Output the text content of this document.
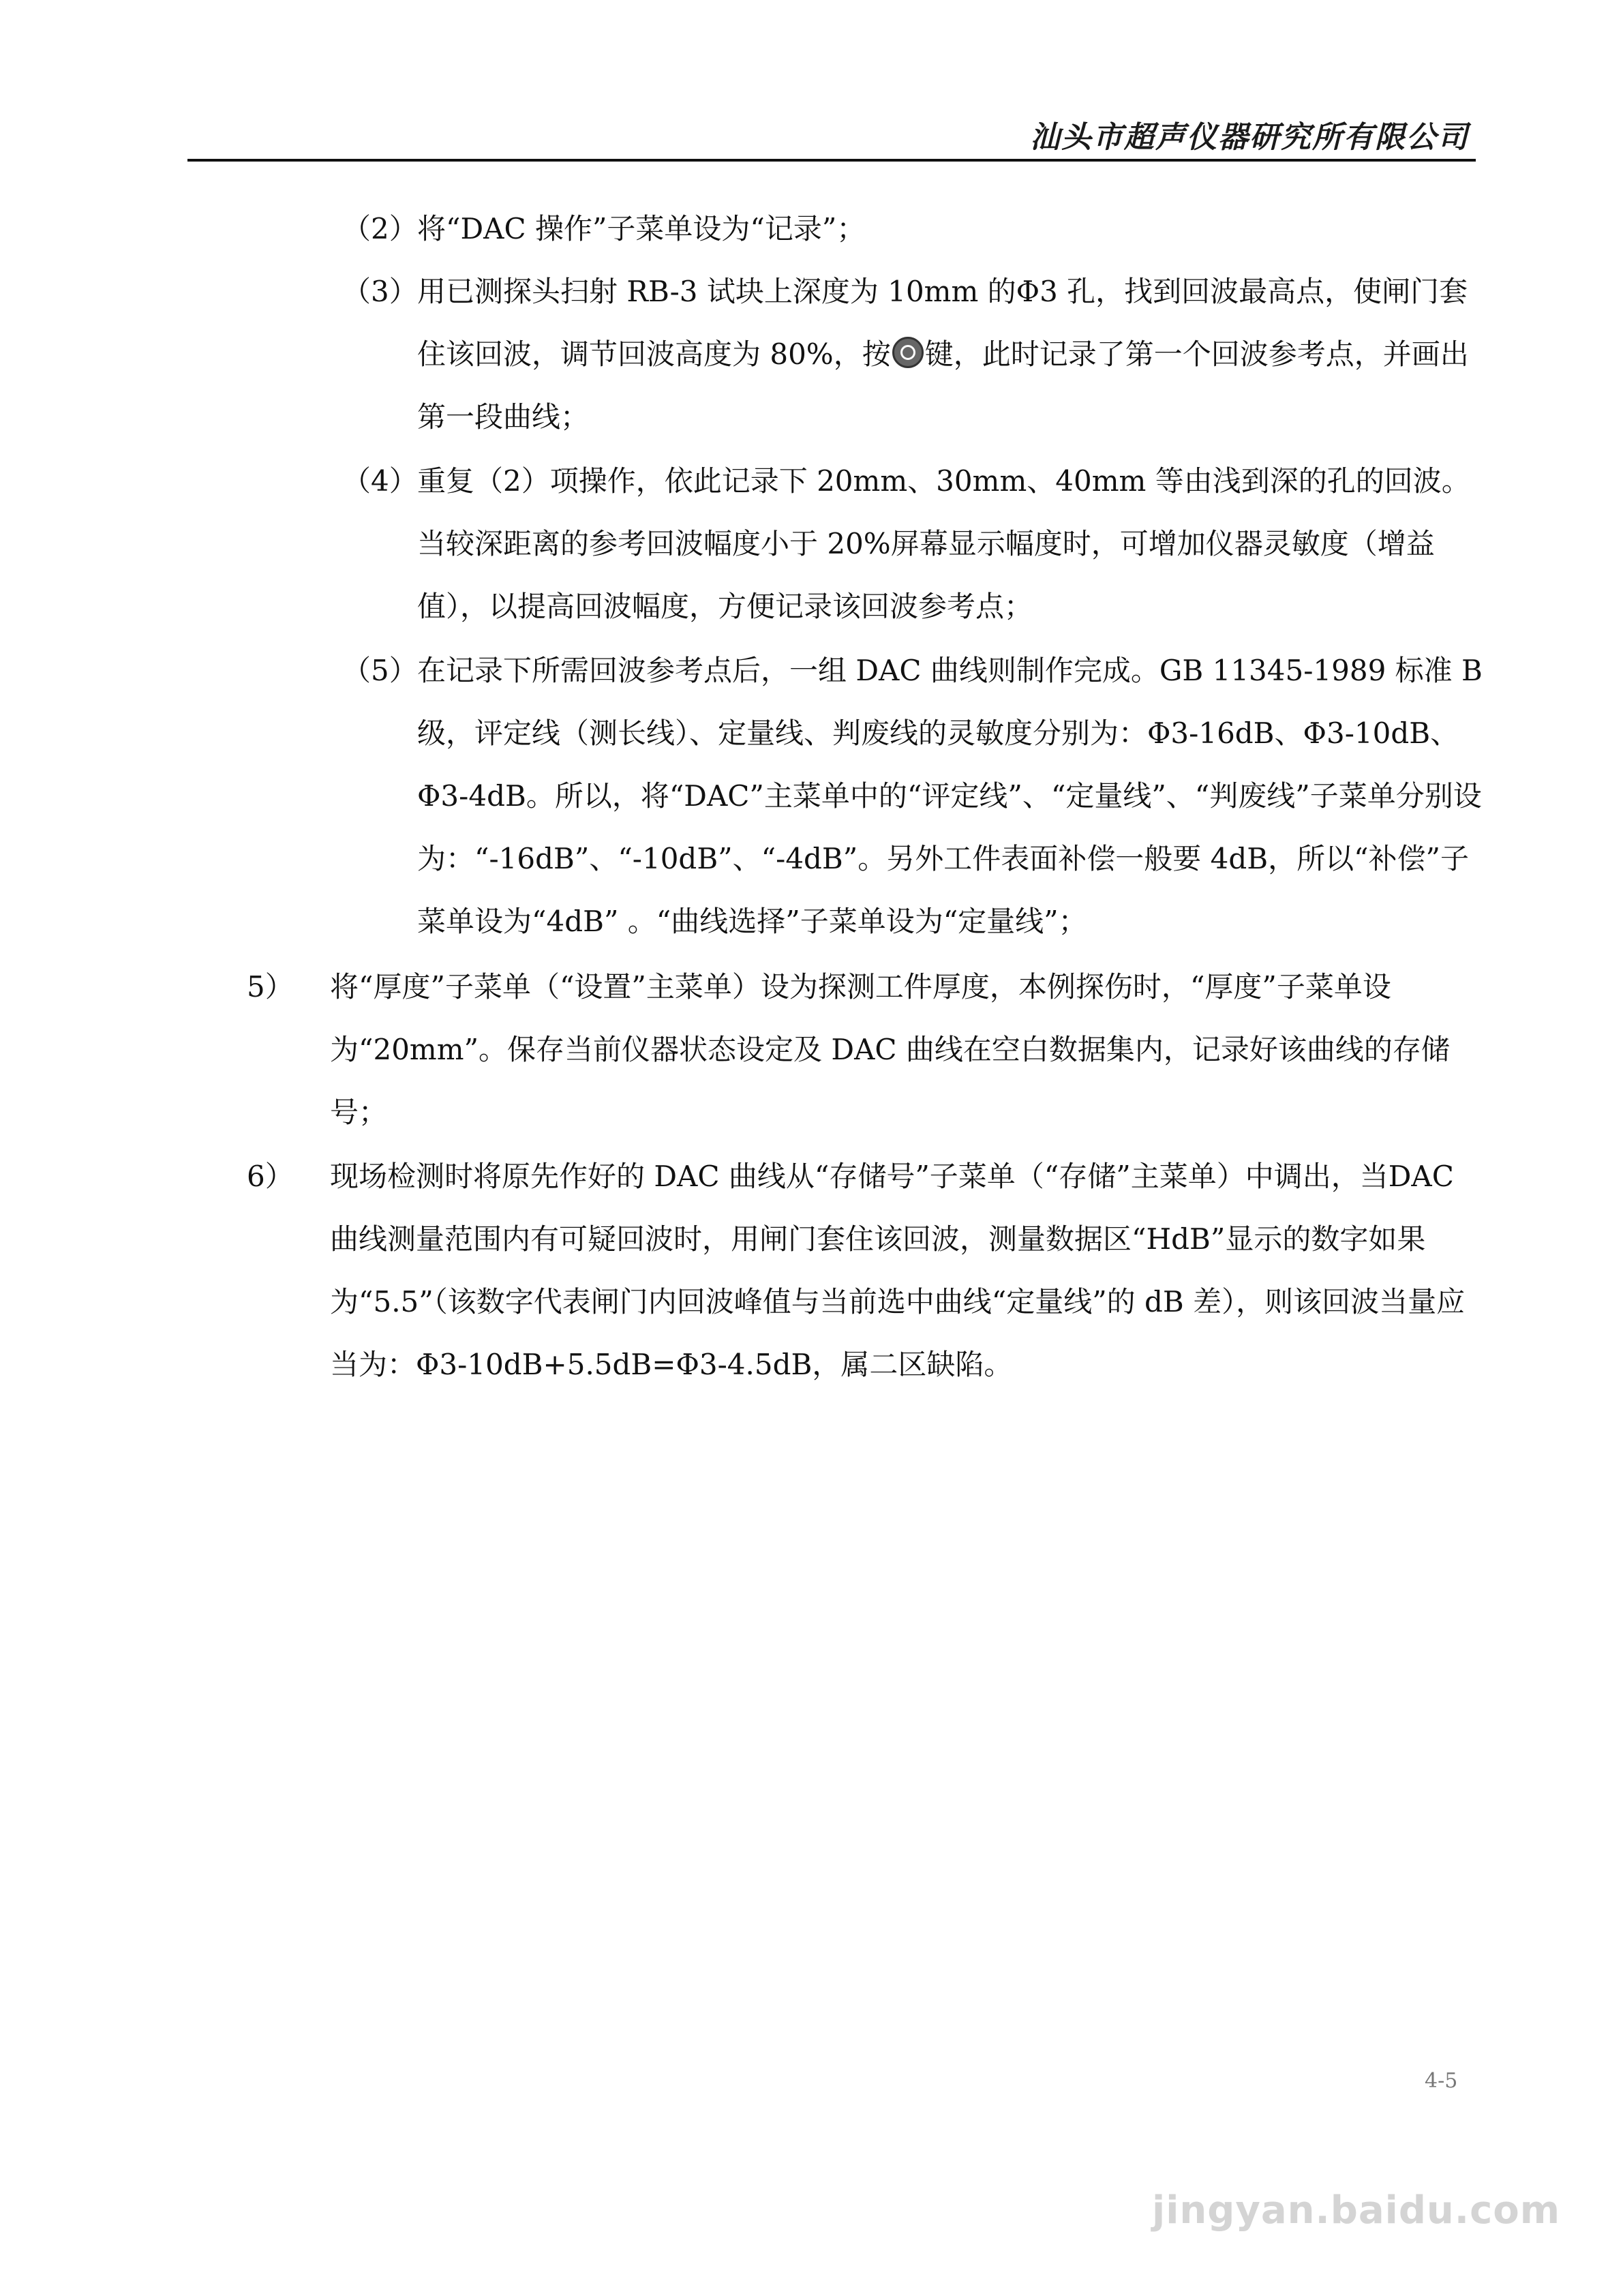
汕头市超声仪器研究所有限公司
（2） 将“DAC 操作”子菜单设为“记录”；
（3） 用已测探头扫射 RB-3 试块上深度为 10mm 的Φ3 孔，找到回波最高点，使闸门套住该回波，调节回波高度为 80%，按 键，此时记录了第一个回波参考点，并画出第一段曲线；
（4） 重复（2）项操作，依此记录下 20mm、30mm、40mm 等由浅到深的孔的回波。当较深距离的参考回波幅度小于 20%屏幕显示幅度时，可增加仪器灵敏度（增益值），以提高回波幅度，方便记录该回波参考点；
（5） 在记录下所需回波参考点后，一组 DAC 曲线则制作完成。GB 11345-1989 标准 B 级，评定线（测长线）、定量线、判废线的灵敏度分别为：Φ3-16dB、Φ3-10dB、Φ3-4dB。所以，将“DAC”主菜单中的“评定线”、“定量线”、“判废线”子菜单分别设为：“-16dB”、“-10dB”、“-4dB”。另外工件表面补偿一般要 4dB，所以“补偿”子菜单设为“4dB” 。“曲线选择”子菜单设为“定量线”；
5） 将“厚度”子菜单（“设置”主菜单）设为探测工件厚度，本例探伤时，“厚度”子菜单设为“20mm”。保存当前仪器状态设定及 DAC 曲线在空白数据集内，记录好该曲线的存储号；
6） 现场检测时将原先作好的 DAC 曲线从“存储号”子菜单（“存储”主菜单）中调出，当DAC 曲线测量范围内有可疑回波时，用闸门套住该回波，测量数据区“HdB”显示的数字如果为“5.5”（该数字代表闸门内回波峰值与当前选中曲线“定量线”的 dB 差），则该回波当量应当为：Φ3-10dB+5.5dB=Φ3-4.5dB，属二区缺陷。
4-5
jingyan.baidu.com
